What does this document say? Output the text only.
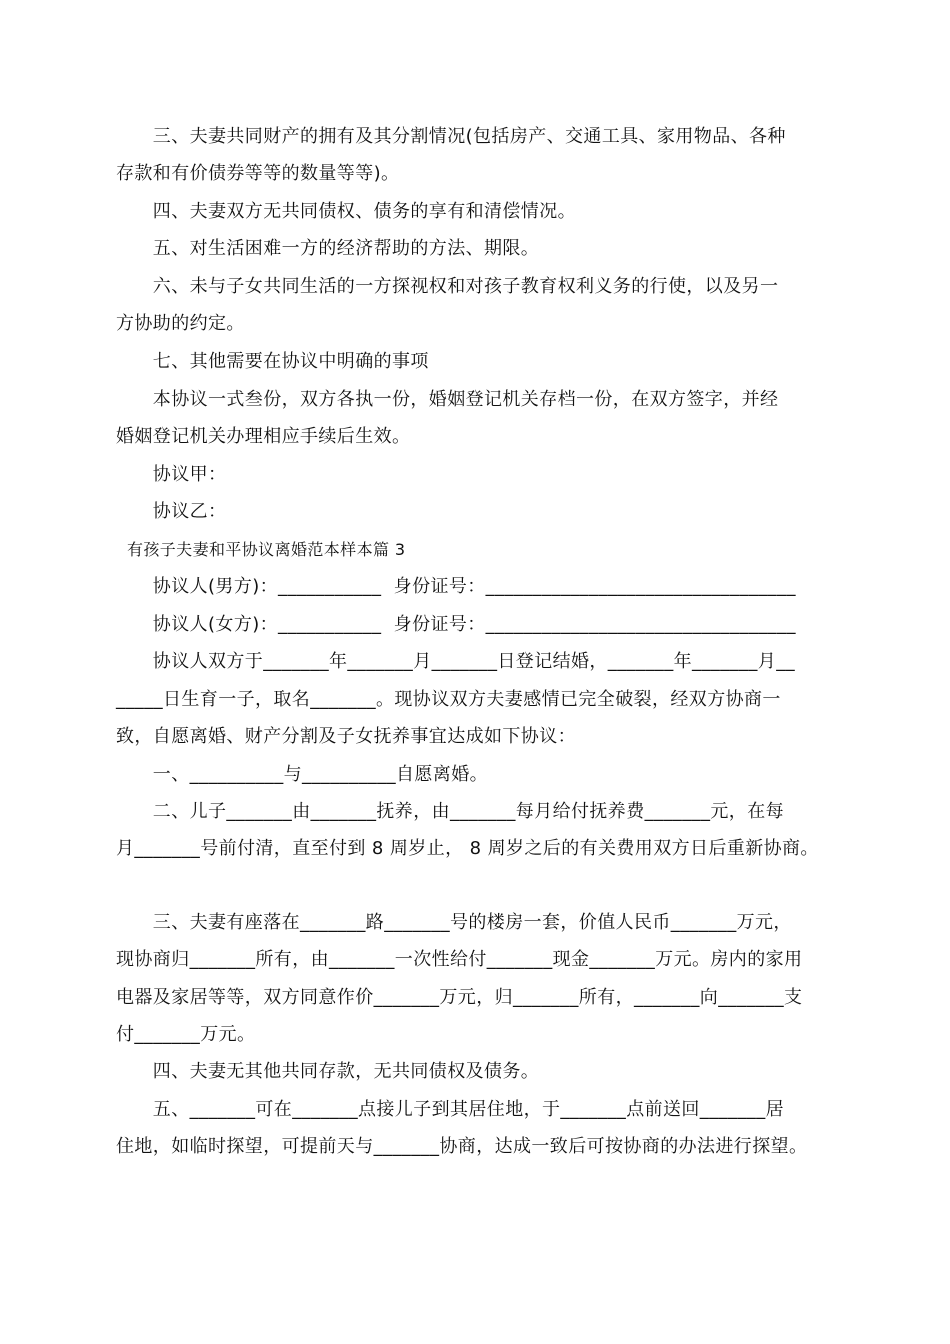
　　三、夫妻共同财产的拥有及其分割情况(包括房产、交通工具、家用物品、各种
存款和有价债券等等的数量等等)。
　　四、夫妻双方无共同债权、债务的享有和清偿情况。
　　五、对生活困难一方的经济帮助的方法、期限。
　　六、未与子女共同生活的一方探视权和对孩子教育权利义务的行使，以及另一
方协助的约定。
　　七、其他需要在协议中明确的事项
　　本协议一式叁份，双方各执一份，婚姻登记机关存档一份，在双方签字，并经
婚姻登记机关办理相应手续后生效。
　　协议甲：
　　协议乙：
有孩子夫妻和平协议离婚范本样本篇 3
　　协议人(男方)：___________  身份证号：_________________________________
　　协议人(女方)：___________  身份证号：_________________________________
　　协议人双方于_______年_______月_______日登记结婚，_______年_______月__
_____日生育一子，取名_______。现协议双方夫妻感情已完全破裂，经双方协商一
致，自愿离婚、财产分割及子女抚养事宜达成如下协议：
　　一、__________与__________自愿离婚。
　　二、儿子_______由_______抚养，由_______每月给付抚养费_______元，在每
月_______号前付清，直至付到 8 周岁止， 8 周岁之后的有关费用双方日后重新协商。
　　三、夫妻有座落在_______路_______号的楼房一套，价值人民币_______万元，
现协商归_______所有，由_______一次性给付_______现金_______万元。房内的家用
电器及家居等等，双方同意作价_______万元，归_______所有，_______向_______支
付_______万元。
　　四、夫妻无其他共同存款，无共同债权及债务。
　　五、_______可在_______点接儿子到其居住地，于_______点前送回_______居
住地，如临时探望，可提前天与_______协商，达成一致后可按协商的办法进行探望。
